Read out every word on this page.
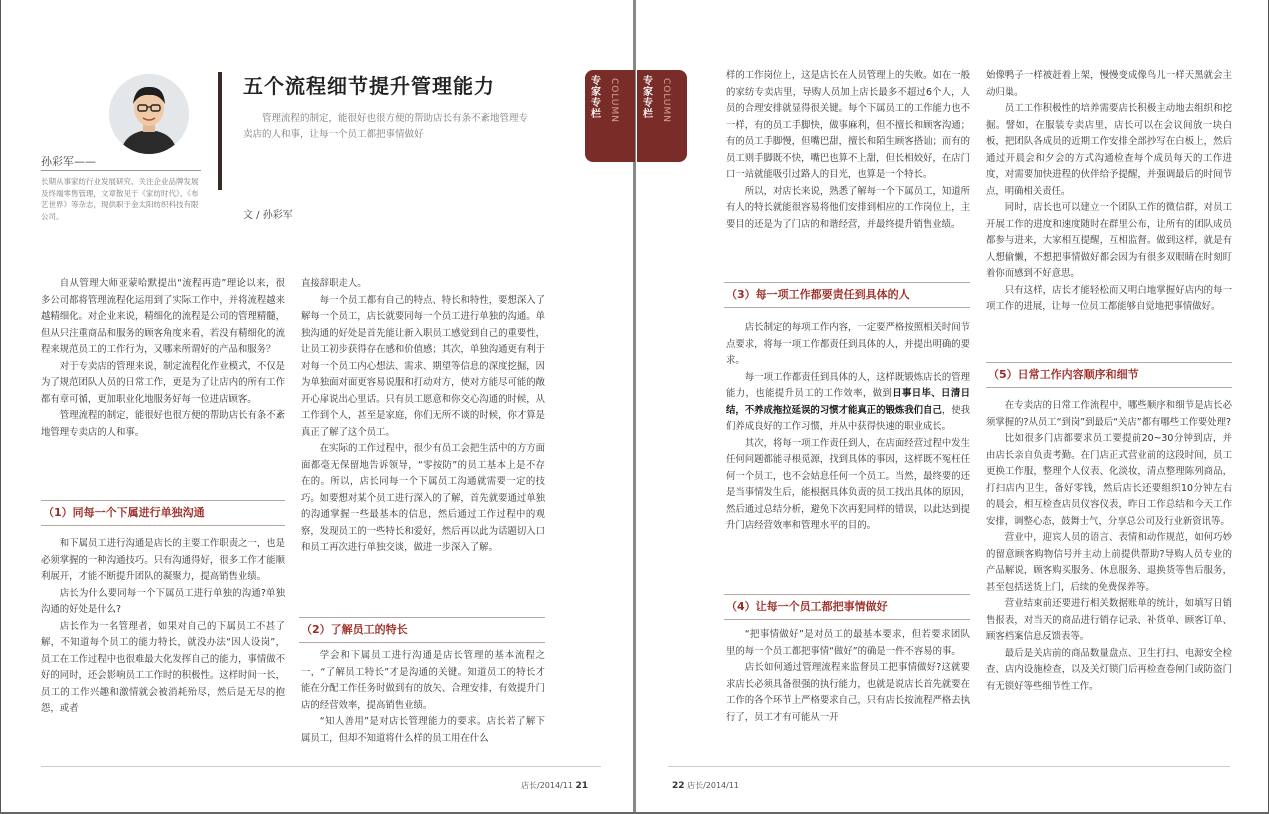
孙彩军——
长期从事家纺行业发展研究、关注企业品牌发展及终端零售管理，文章散见于《家纺时代》、《布艺世界》等杂志，现供职于金太阳纺织科技有限公司。
五个流程细节提升管理能力
管理流程的制定，能很好也很方便的帮助店长有条不紊地管理专卖店的人和事，让每一个员工都把事情做好
文 / 孙彩军

自从管理大师亚蒙哈默提出“流程再造”理论以来，很多公司都将管理流程化运用到了实际工作中，并将流程越来越精细化。对企业来说，精细化的流程是公司的管理精髓，但从只注重商品和服务的顾客角度来看，若没有精细化的流程来规范员工的工作行为，又哪来所谓好的产品和服务？

对于专卖店的管理来说，制定流程化作业模式，不仅是为了规范团队人员的日常工作，更是为了让店内的所有工作都有章可循，更加职业化地服务好每一位进店顾客。

管理流程的制定，能很好也很方便的帮助店长有条不紊地管理专卖店的人和事。

（1）同每一个下属进行单独沟通

和下属员工进行沟通是店长的主要工作职责之一，也是必须掌握的一种沟通技巧。只有沟通得好，很多工作才能顺利展开，才能不断提升团队的凝聚力，提高销售业绩。

店长为什么要同每一个下属员工进行单独的沟通?单独沟通的好处是什么?

店长作为一名管理者，如果对自己的下属员工不甚了解，不知道每个员工的能力特长，就没办法“因人设岗”，员工在工作过程中也很难最大化发挥自己的能力，事情做不好的同时，还会影响员工工作时的积极性。这样时间一长，员工的工作兴趣和激情就会被消耗殆尽，然后是无尽的抱怨，或者

直接辞职走人。

每一个员工都有自己的特点、特长和特性，要想深入了解每一个员工，店长就要同每一个员工进行单独的沟通。单独沟通的好处是首先能让新入职员工感觉到自己的重要性，让员工初步获得存在感和价值感；其次，单独沟通更有利于对每一个员工内心想法、需求、期望等信息的深度挖掘，因为单独面对面更容易说服和打动对方，使对方能尽可能的敞开心扉说出心里话。只有员工愿意和你交心沟通的时候，从工作到个人，甚至是家庭，你们无所不谈的时候，你才算是真正了解了这个员工。

在实际的工作过程中，很少有员工会把生活中的方方面面都毫无保留地告诉领导，“零按防”的员工基本上是不存在的。所以，店长同每一个下属员工沟通就需要一定的技巧。如要想对某个员工进行深入的了解，首先就要通过单独的沟通掌握一些最基本的信息，然后通过工作过程中的观察，发现员工的一些特长和爱好，然后再以此为话题切入口和员工再次进行单独交谈，做进一步深入了解。

（2）了解员工的特长

学会和下属员工进行沟通是店长管理的基本流程之一，“了解员工特长”才是沟通的关键。知道员工的特长才能在分配工作任务时做到有的放矢、合理安排，有效提升门店的经营效率，提高销售业绩。

“知人善用”是对店长管理能力的要求。店长若了解下属员工，但却不知道将什么样的员工用在什么

店长/2014/11 21
专家专栏 COLUMN 专家专栏 COLUMN

样的工作岗位上，这是店长在人员管理上的失败。如在一般的家纺专卖店里，导购人员加上店长最多不超过6个人，人员的合理安排就显得很关键。每个下属员工的工作能力也不一样，有的员工手脚快，做事麻利，但不擅长和顾客沟通；有的员工手脚慢，但嘴巴甜，擅长和陌生顾客搭讪；而有的员工则手脚既不快，嘴巴也算不上甜，但长相姣好，在店门口一站就能吸引过路人的目光，也算是一个特长。

所以，对店长来说，熟悉了解每一个下属员工，知道所有人的特长就能很容易将他们安排到相应的工作岗位上，主要目的还是为了门店的和谐经营，并最终提升销售业绩。

（3）每一项工作都要责任到具体的人

店长制定的每项工作内容，一定要严格按照相关时间节点要求，将每一项工作都责任到具体的人，并提出明确的要求。

每一项工作都责任到具体的人，这样既锻炼店长的管理能力，也能提升员工的工作效率，做到日事日毕、日清日结，不养成拖拉延误的习惯才能真正的锻炼我们自己，使我们养成良好的工作习惯，并从中获得快速的职业成长。

其次，将每一项工作责任到人，在店面经营过程中发生任何问题都能寻根觅源，找到具体的事因，这样既不冤枉任何一个员工，也不会姑息任何一个员工。当然，最终要的还是当事情发生后，能根据具体负责的员工找出具体的原因，然后通过总结分析，避免下次再犯同样的错误，以此达到提升门店经营效率和管理水平的目的。

（4）让每一个员工都把事情做好

“把事情做好”是对员工的最基本要求，但若要求团队里的每一个员工都把事情“做好”的确是一件不容易的事。

店长如何通过管理流程来监督员工把事情做好?这就要求店长必须具备很强的执行能力，也就是说店长首先就要在工作的各个环节上严格要求自己，只有店长按流程严格去执行了，员工才有可能从一开

始像鸭子一样被赶着上架，慢慢变成像鸟儿一样天黑就会主动归巢。

员工工作积极性的培养需要店长积极主动地去组织和挖掘。譬如，在服装专卖店里，店长可以在会议间放一块白板，把团队各成员的近期工作安排全部抄写在白板上，然后通过开晨会和夕会的方式沟通检查每个成员每天的工作进度，对需要加快进程的伙伴给予提醒，并强调最后的时间节点，明确相关责任。

同时，店长也可以建立一个团队工作的微信群，对员工开展工作的进度和速度随时在群里公布，让所有的团队成员都参与进来，大家相互提醒，互相监督。做到这样，就是有人想偷懒，不想把事情做好都会因为有很多双眼睛在时刻盯着你而感到不好意思。

只有这样，店长才能轻松而又明白地掌握好店内的每一项工作的进展，让每一位员工都能够自觉地把事情做好。

（5）日常工作内容顺序和细节

在专卖店的日常工作流程中，哪些顺序和细节是店长必须掌握的?从员工“到岗”到最后“关店”都有哪些工作要处理?

比如很多门店都要求员工要提前20~30分钟到店，并由店长亲自负责考勤。在门店正式营业前的这段时间，员工更换工作服，整理个人仪表、化淡妆，清点整理陈列商品，打扫店内卫生，备好零钱，然后店长还要组织10分钟左右的晨会，相互检查店员仪容仪表，昨日工作总结和今天工作安排，调整心态，鼓舞士气，分享总公司及行业新资讯等。

营业中，迎宾人员的语言、表情和动作规范，如何巧妙的留意顾客购物信号并主动上前提供帮助?导购人员专业的产品解说，顾客购买服务、休息服务、退换货等售后服务，甚至包括送货上门，后续的免费保养等。

营业结束前还要进行相关数据账单的统计，如填写日销售报表，对当天的商品进行销存记录、补货单、顾客订单、顾客档案信息反馈表等。

最后是关店前的商品数量盘点、卫生打扫、电源安全检查、店内设施检查，以及关灯锁门后再检查卷闸门或防盗门有无锁好等些细节性工作。

22 店长/2014/11
